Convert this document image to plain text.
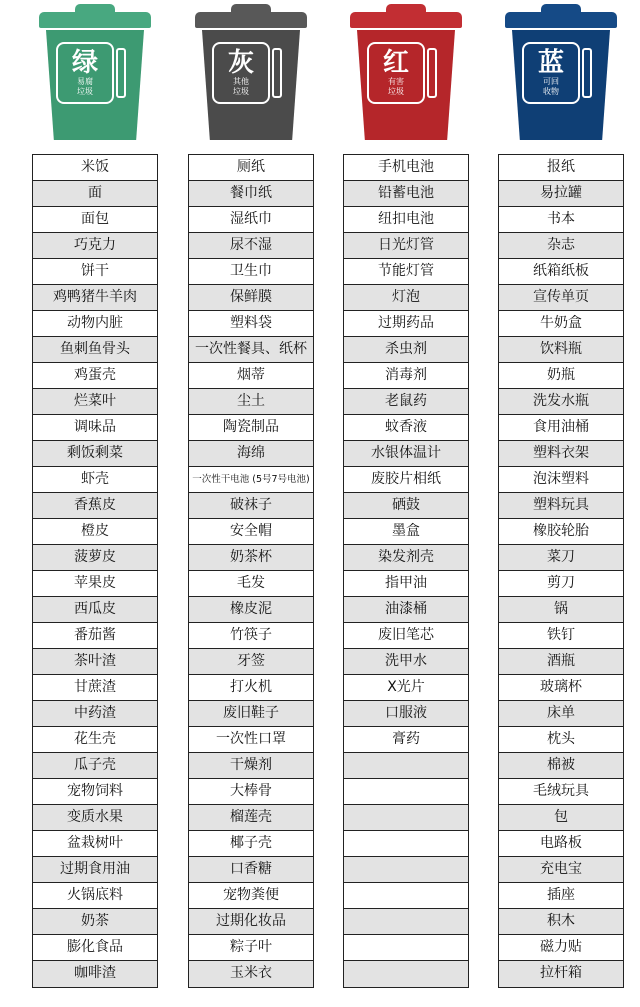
绿
易腐
垃圾
米饭
面
面包
巧克力
饼干
鸡鸭猪牛羊肉
动物内脏
鱼刺鱼骨头
鸡蛋壳
烂菜叶
调味品
剩饭剩菜
虾壳
香蕉皮
橙皮
菠萝皮
苹果皮
西瓜皮
番茄酱
茶叶渣
甘蔗渣
中药渣
花生壳
瓜子壳
宠物饲料
变质水果
盆栽树叶
过期食用油
火锅底料
奶茶
膨化食品
咖啡渣
灰
其他
垃圾
厕纸
餐巾纸
湿纸巾
尿不湿
卫生巾
保鲜膜
塑料袋
一次性餐具、纸杯
烟蒂
尘土
陶瓷制品
海绵
一次性干电池 (5号7号电池)
破袜子
安全帽
奶茶杯
毛发
橡皮泥
竹筷子
牙签
打火机
废旧鞋子
一次性口罩
干燥剂
大棒骨
榴莲壳
椰子壳
口香糖
宠物粪便
过期化妆品
粽子叶
玉米衣
红
有害
垃圾
手机电池
铅蓄电池
纽扣电池
日光灯管
节能灯管
灯泡
过期药品
杀虫剂
消毒剂
老鼠药
蚊香液
水银体温计
废胶片相纸
硒鼓
墨盒
染发剂壳
指甲油
油漆桶
废旧笔芯
洗甲水
X光片
口服液
膏药
蓝
可回
收物
报纸
易拉罐
书本
杂志
纸箱纸板
宣传单页
牛奶盒
饮料瓶
奶瓶
洗发水瓶
食用油桶
塑料衣架
泡沫塑料
塑料玩具
橡胶轮胎
菜刀
剪刀
锅
铁钉
酒瓶
玻璃杯
床单
枕头
棉被
毛绒玩具
包
电路板
充电宝
插座
积木
磁力贴
拉杆箱
